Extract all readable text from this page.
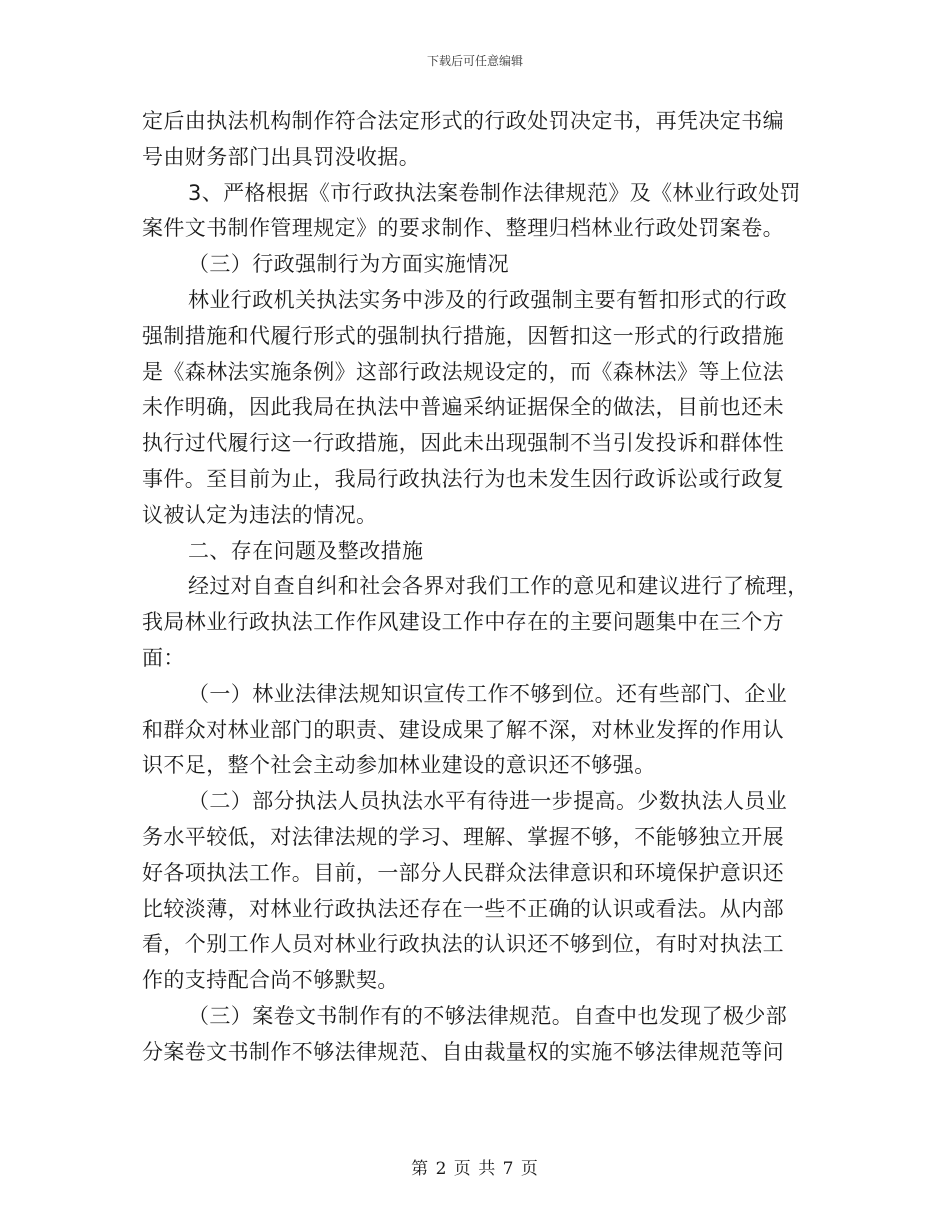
下载后可任意编辑
定后由执法机构制作符合法定形式的行政处罚决定书，再凭决定书编
号由财务部门出具罚没收据。
3、严格根据《市行政执法案卷制作法律规范》及《林业行政处罚
案件文书制作管理规定》的要求制作、整理归档林业行政处罚案卷。
（三）行政强制行为方面实施情况
林业行政机关执法实务中涉及的行政强制主要有暂扣形式的行政
强制措施和代履行形式的强制执行措施，因暂扣这一形式的行政措施
是《森林法实施条例》这部行政法规设定的，而《森林法》等上位法
未作明确，因此我局在执法中普遍采纳证据保全的做法，目前也还未
执行过代履行这一行政措施，因此未出现强制不当引发投诉和群体性
事件。至目前为止，我局行政执法行为也未发生因行政诉讼或行政复
议被认定为违法的情况。
二、存在问题及整改措施
经过对自查自纠和社会各界对我们工作的意见和建议进行了梳理，
我局林业行政执法工作作风建设工作中存在的主要问题集中在三个方
面：
（一）林业法律法规知识宣传工作不够到位。还有些部门、企业
和群众对林业部门的职责、建设成果了解不深，对林业发挥的作用认
识不足，整个社会主动参加林业建设的意识还不够强。
（二）部分执法人员执法水平有待进一步提高。少数执法人员业
务水平较低，对法律法规的学习、理解、掌握不够，不能够独立开展
好各项执法工作。目前，一部分人民群众法律意识和环境保护意识还
比较淡薄，对林业行政执法还存在一些不正确的认识或看法。从内部
看，个别工作人员对林业行政执法的认识还不够到位，有时对执法工
作的支持配合尚不够默契。
（三）案卷文书制作有的不够法律规范。自查中也发现了极少部
分案卷文书制作不够法律规范、自由裁量权的实施不够法律规范等问
第 2 页 共 7 页
